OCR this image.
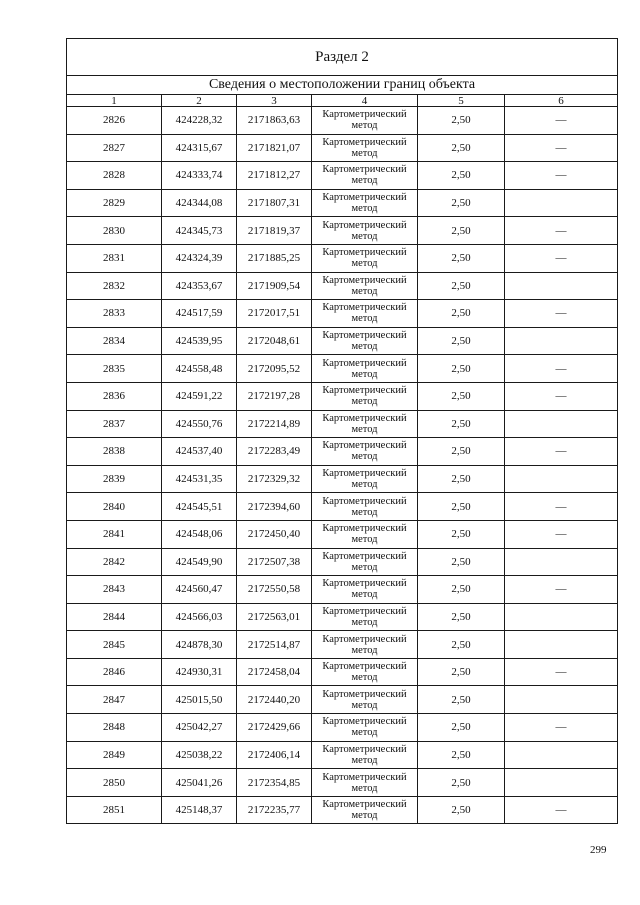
Раздел 2					
Сведения о местоположении границ объекта					
1	2	3	4	5	6
2826	424228,32	2171863,63	Картометрический метод	2,50	—
2827	424315,67	2171821,07	Картометрический метод	2,50	—
2828	424333,74	2171812,27	Картометрический метод	2,50	—
2829	424344,08	2171807,31	Картометрический метод	2,50	
2830	424345,73	2171819,37	Картометрический метод	2,50	—
2831	424324,39	2171885,25	Картометрический метод	2,50	—
2832	424353,67	2171909,54	Картометрический метод	2,50	
2833	424517,59	2172017,51	Картометрический метод	2,50	—
2834	424539,95	2172048,61	Картометрический метод	2,50	
2835	424558,48	2172095,52	Картометрический метод	2,50	—
2836	424591,22	2172197,28	Картометрический метод	2,50	—
2837	424550,76	2172214,89	Картометрический метод	2,50	
2838	424537,40	2172283,49	Картометрический метод	2,50	—
2839	424531,35	2172329,32	Картометрический метод	2,50	
2840	424545,51	2172394,60	Картометрический метод	2,50	—
2841	424548,06	2172450,40	Картометрический метод	2,50	—
2842	424549,90	2172507,38	Картометрический метод	2,50	
2843	424560,47	2172550,58	Картометрический метод	2,50	—
2844	424566,03	2172563,01	Картометрический метод	2,50	
2845	424878,30	2172514,87	Картометрический метод	2,50	
2846	424930,31	2172458,04	Картометрический метод	2,50	—
2847	425015,50	2172440,20	Картометрический метод	2,50	
2848	425042,27	2172429,66	Картометрический метод	2,50	—
2849	425038,22	2172406,14	Картометрический метод	2,50	
2850	425041,26	2172354,85	Картометрический метод	2,50	
2851	425148,37	2172235,77	Картометрический метод	2,50	—
299
